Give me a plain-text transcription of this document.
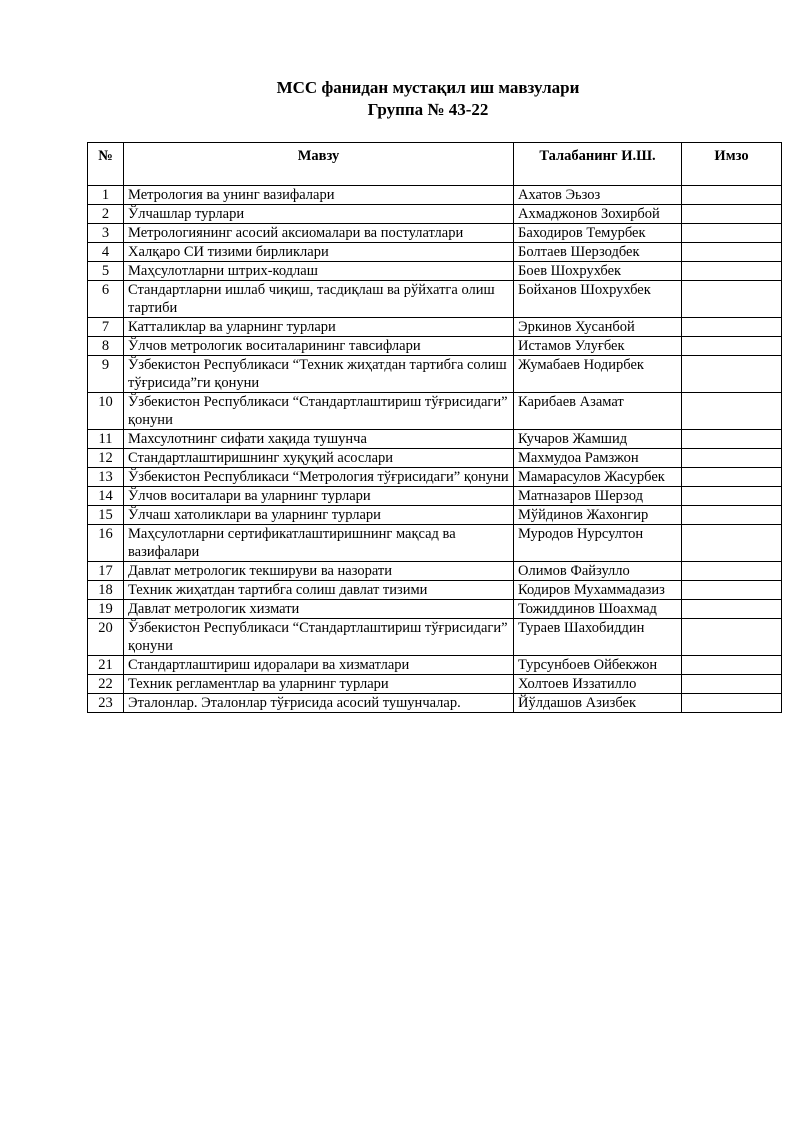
МСС фанидан мустақил иш мавзулари
Группа № 43-22
№	Мавзу	Талабанинг И.Ш.	Имзо
1	Метрология ва унинг вазифалари	Ахатов Эьзоз	
2	Ўлчашлар турлари	Ахмаджонов Зохирбой	
3	Метрологиянинг асосий аксиомалари ва постулатлари	Баходиров Темурбек	
4	Халқаро СИ тизими бирликлари	Болтаев Шерзодбек	
5	Маҳсулотларни штрих-кодлаш	Боев Шохрухбек	
6	Стандартларни ишлаб чиқиш, тасдиқлаш ва рўйхатга олиш тартиби	Бойханов Шохрухбек	
7	Катталиклар ва уларнинг турлари	Эркинов Хусанбой	
8	Ўлчов метрологик воситаларининг тавсифлари	Истамов Улуғбек	
9	Ўзбекистон Республикаси “Техник жиҳатдан тартибга солиш тўғрисида”ги қонуни	Жумабаев Нодирбек	
10	Ўзбекистон Республикаси “Стандартлаштириш тўғрисидаги” қонуни	Карибаев Азамат	
11	Махсулотнинг сифати хақида тушунча	Кучаров Жамшид	
12	Стандартлаштиришнинг хуқуқий асослари	Махмудоа Рамзжон	
13	Ўзбекистон Республикаси “Метрология тўғрисидаги” қонуни	Мамарасулов Жасурбек	
14	Ўлчов воситалари ва уларнинг турлари	Матназаров Шерзод	
15	Ўлчаш хатоликлари ва уларнинг турлари	Мўйдинов Жахонгир	
16	Маҳсулотларни сертификатлаштиришнинг мақсад ва вазифалари	Муродов Нурсултон	
17	Давлат метрологик текшируви ва назорати	Олимов Файзулло	
18	Техник жиҳатдан тартибга солиш давлат тизими	Кодиров Мухаммадазиз	
19	Давлат метрологик хизмати	Тожиддинов Шоахмад	
20	Ўзбекистон Республикаси “Стандартлаштириш тўғрисидаги” қонуни	Тураев Шахобиддин	
21	Стандартлаштириш идоралари ва хизматлари	Турсунбоев Ойбекжон	
22	Техник регламентлар ва уларнинг турлари	Холтоев Иззатилло	
23	Эталонлар. Эталонлар тўғрисида асосий тушунчалар.	Йўлдашов Азизбек	
